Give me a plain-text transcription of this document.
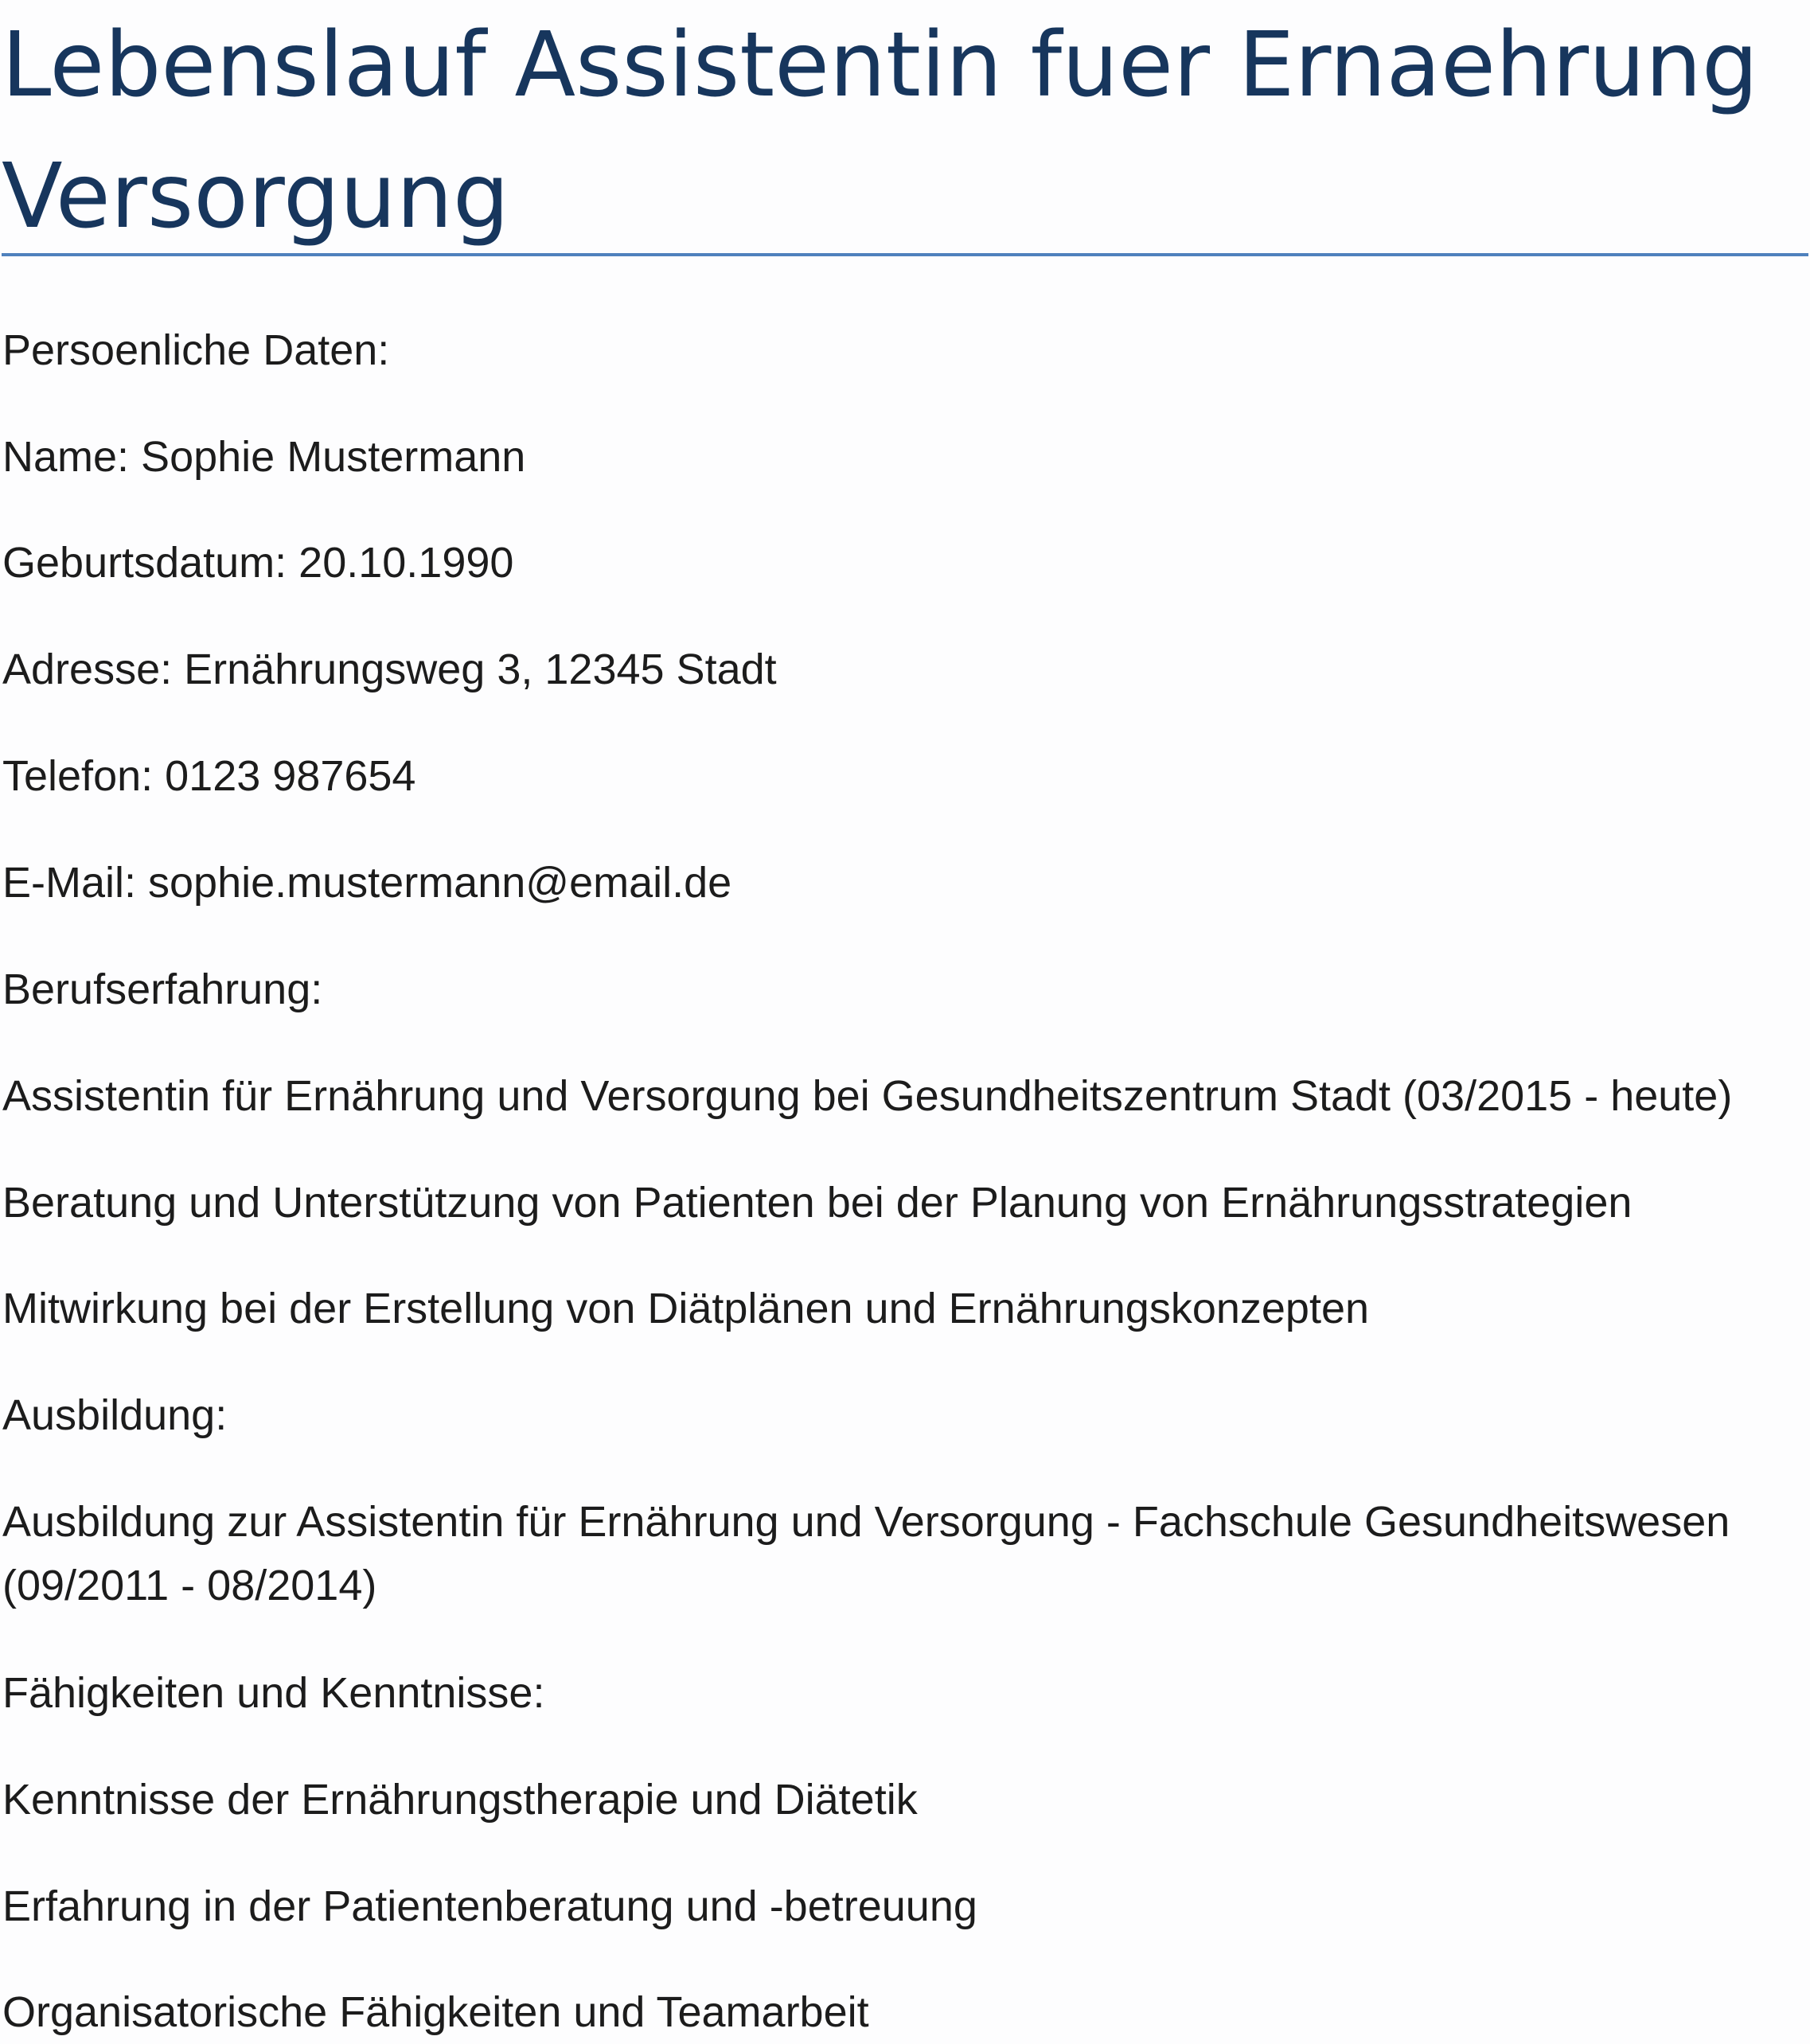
Lebenslauf Assistentin fuer Ernaehrung Versorgung

Persoenliche Daten:

Name: Sophie Mustermann

Geburtsdatum: 20.10.1990

Adresse: Ernährungsweg 3, 12345 Stadt

Telefon: 0123 987654

E-Mail: sophie.mustermann@email.de

Berufserfahrung:

Assistentin für Ernährung und Versorgung bei Gesundheitszentrum Stadt (03/2015 - heute)

Beratung und Unterstützung von Patienten bei der Planung von Ernährungsstrategien

Mitwirkung bei der Erstellung von Diätplänen und Ernährungskonzepten

Ausbildung:

Ausbildung zur Assistentin für Ernährung und Versorgung - Fachschule Gesundheitswesen (09/2011 - 08/2014)

Fähigkeiten und Kenntnisse:

Kenntnisse der Ernährungstherapie und Diätetik

Erfahrung in der Patientenberatung und -betreuung

Organisatorische Fähigkeiten und Teamarbeit
